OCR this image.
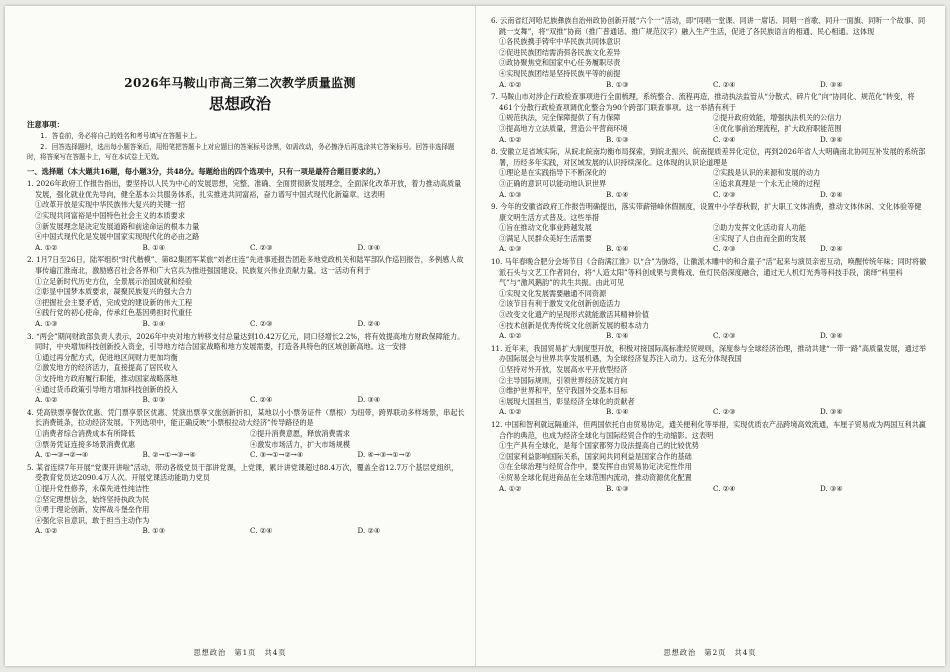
2026年马鞍山市高三第二次教学质量监测
思想政治

注意事项：

1. 答卷前，务必将自己的姓名和考号填写在答题卡上。

2. 回答选择题时，选出每小题答案后，用铅笔把答题卡上对应题目的答案标号涂黑，如需改动，务必擦净后再选涂其它答案标号。回答非选择题时，将答案写在答题卡上，写在本试卷上无效。

一、选择题（本大题共16题，每小题3分，共48分。每题给出的四个选项中，只有一项是最符合题目要求的。）

1. 2026年政府工作报告指出，要坚持以人民为中心的发展思想，完整、准确、全面贯彻新发展理念，全面深化改革开放，着力推动高质量发展，强化就业优先导向，健全基本公共服务体系，扎实推进共同富裕，奋力谱写中国式现代化新篇章。这表明

①改革开放是实现中华民族伟大复兴的关键一招

②实现共同富裕是中国特色社会主义的本质要求

③新发展理念是决定发展道路和前途命运的根本力量

④中国式现代化是发展中国家实现现代化的必由之路

A. ①②	B. ①④	C. ②③	D. ③④

2. 1月7日至26日，陆军组织“时代楷模”、第82集团军某旅“刘老庄连”先进事迹报告团赴多地党政机关和陆军部队作巡回报告，多例感人故事传遍江淮南北，激励感召社会各界和广大官兵为推进强国建设、民族复兴伟业贡献力量。这一活动有利于

①立足新时代历史方位，全景展示治国成就和经验

②彰显中国梦本质要求，凝聚民族复兴的强大合力

③把握社会主要矛盾，完成党的建设新的伟大工程

④践行党的初心使命，传承红色基因勇担时代重任

A. ①③	B. ①④	C. ②③	D. ②④

3. “两会”期间财政部负责人表示，2026年中央对地方转移支付总量达到10.42万亿元，同口径增长2.2%，将有效提高地方财政保障能力。同时，中央增加科技创新投入资金，引导地方结合国家战略和地方发展需要，打造各具特色的区域创新高地。这一安排

①通过再分配方式，促进地区间财力更加均衡

②激发地方的经济活力，直接提高了居民收入

③支持地方政府履行职能，推动国家战略落地

④通过货币政策引导地方增加科技创新的投入

A. ①②	B. ①③	C. ②④	D. ③④

4. 凭高铁票享餐饮优惠、凭门票享景区优惠、凭演出票享文旅创新折扣，某地以小小票务证件（票根）为纽带，跨界联动多样场景，串起长长消费链条，拉动经济发展。下列选项中，能正确反映“小票根拉动大经济”传导路径的是

①消费者综合消费成本有所降低	②提升消费意愿，释放消费需求
③票务凭证连接多场景消费优惠	④激发市场活力，扩大市场规模
A. ①→③→②→④	B. ②→①→③→④	C. ③→①→②→④	D. ④→③→①→②

5. 某省连续7年开展“党课开讲啦”活动，带动各级党员干部讲党课，上党课，累计讲党课超过88.4万次，覆盖全省12.7万个基层党组织，受教育党员达2090.4万人次。开展党课活动能助力党员

①提升党性修养，永葆先进性纯洁性

②坚定理想信念，始终坚持执政为民

③勇于理论创新，发挥战斗堡垒作用

④强化宗旨意识，敢于担当主动作为

A. ①②	B. ①③	C. ②④	D. ②④
思想政治　第1页　共4页

6. 云南省红河哈尼族彝族自治州政协创新开展“六个一”活动，即“同唱一堂课、同讲一席话、同唱一首歌、同升一面旗、同听一个故事、同跳一支舞”，将“双推”协商（推广普通话、推广规范汉字）融入生产生活，促进了各民族语言的相通、民心相通。这体现

①各民族携手铸牢中华民族共同体意识

②促进民族团结需消弭各民族文化差异

③政协聚焦党和国家中心任务履职尽责

④实现民族团结是坚持民族平等的前提

A. ①②	B. ①③	C. ②④	D. ③④

7. 马鞍山市对涉企行政检查事项进行全面梳理，系统整合、流程再造，推动执法监管从“分散式、碎片化”向“协同化、规范化”转变，将461个分散行政检查项调优化整合为90个跨部门联查事项。这一举措有利于

①规范执法，完全保障提供了有力保障	②提升政府效能，增强执法机关的公信力
③提高地方立法质量，营造公平营商环境	④优化事前治理流程，扩大政府职能范围
A. ①②	B. ①③	C. ②④	D. ③④

8. 安徽立足省域实际，从皖北皖南均衡布局探索，到皖北振兴、皖南提质差异化定位，再到2026年省人大明确南北协同互补发展的系统部署，历经多年实践，对区域发展的认识持续深化。这体现的认识论道理是

①理论是在实践指导下不断深化的	②实践是认识的来源和发展的动力
③正确的意识可以能动地认识世界	④追求真理是一个永无止境的过程
A. ①③	B. ①④	C. ②③	D. ②④

9. 今年的安徽省政府工作报告明确提出，落实带薪错峰休假制度，设置中小学春秋假，扩大职工文体消费，推动文体休闲、文化体验等健康文明生活方式普及。这些举措

①旨在推动文化事业跨越发展	②助力发挥文化活动育人功能
③满足人民群众美好生活需要	④实现了人自由而全面的发展
A. ①③	B. ①④	C. ②③	D. ②④

10. 马年春晚合肥分会场节目《合韵满江淮》以“合”为脉络，让徽派木雕中的和合童子“活”起来与演员亲密互动，唤醒传统年味；同时将徽派石头与文艺工作者同台，将“人造太阳”等科创成果与黄梅戏、鱼灯民俗深度融合，通过无人机灯光秀等科技手段，演绎“科里科气”与“激风鹅韵”的共生共振。由此可见

①实现文化发展需要融通不同资源

②该节目有利于激发文化创新创造活力

③改变文化遗产的呈现形式就能激活其精神价值

④技术创新是优秀传统文化创新发展的根本动力

A. ①②	B. ①④	C. ②③	D. ③④

11. 近年来，我国贸易扩大制度型开放，积极对接国际高标准经贸规则，深度参与全球经济治理，推动共建“一带一路”高质量发展，通过举办国际展会与世界共享发展机遇，为全球经济复苏注入动力。这充分体现我国

①坚持对外开放，发展高水平开放型经济

②主导国际规则，引领世界经济发展方向

③维护世界和平，坚守我国外交基本目标

④展现大国担当，彰显经济全球化的贡献者

A. ①②	B. ①④	C. ②③	D. ③④

12. 中国和智利就远隔重洋，但两国依托自由贸易协定，通关便利化等举措，实现优质农产品跨境高效流通，车厘子贸易成为两国互利共赢合作的典范，也成为经济全球化与国际经贸合作的生动缩影。这表明

①生产具有全球化，是每个国家都努力设法提高自己的比较优势

②国家利益影响国际关系，国家间共同利益是国家合作的基础

③在全球治理与经贸合作中，要发挥自由贸易协定决定性作用

④贸易全球化促进商品在全球范围内流动，推动资源优化配置

A. ①②	B. ①③	C. ②④	D. ③④
思想政治　第2页　共4页
